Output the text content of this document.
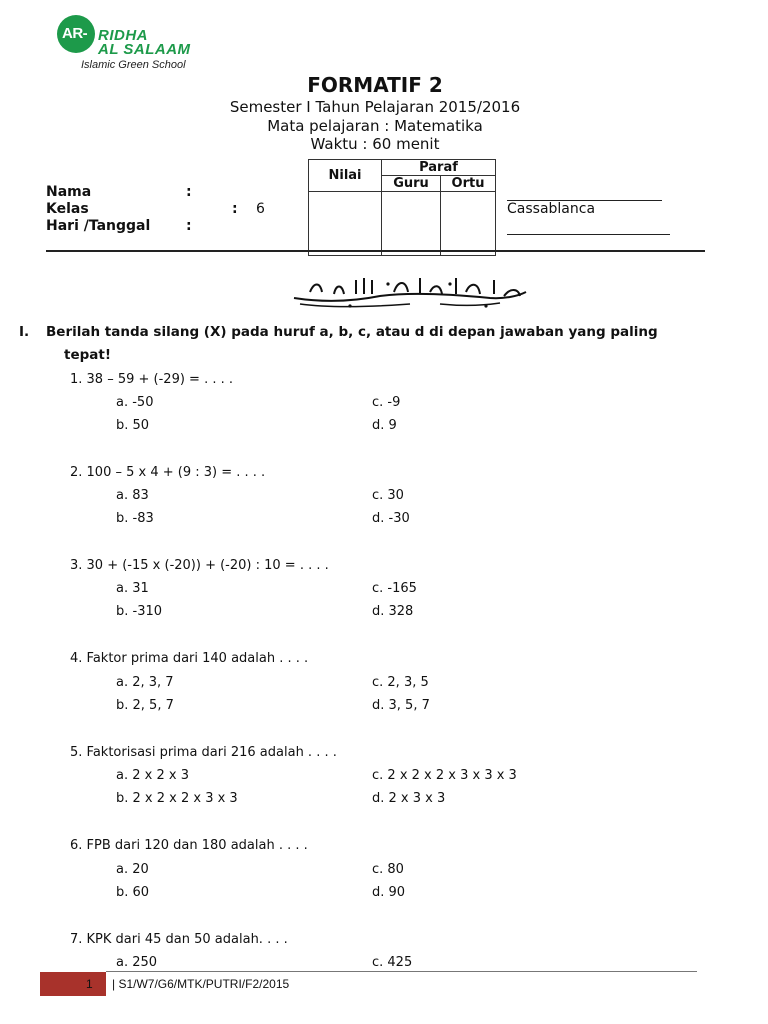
AR- RIDHA
AL SALAAM
Islamic Green School
FORMATIF 2
Semester I Tahun Pelajaran 2015/2016
Mata pelajaran : Matematika
Waktu : 60 menit
Nama	:
Kelas	: 6
Hari /Tanggal	:
Nilai	Paraf	
	Guru	Ortu

Cassablanca
I. Berilah tanda silang (X) pada huruf a, b, c, atau d di depan jawaban yang paling
tepat!
1. 38 – 59 + (-29) = . . . .
a. -50	c. -9
b. 50	d. 9
2. 100 – 5 x 4 + (9 : 3) = . . . .
a. 83	c. 30
b. -83	d. -30
3. 30 + (-15 x (-20)) + (-20) : 10 = . . . .
a. 31	c. -165
b. -310	d. 328
4. Faktor prima dari 140 adalah . . . .
a. 2, 3, 7	c. 2, 3, 5
b. 2, 5, 7	d. 3, 5, 7
5. Faktorisasi prima dari 216 adalah . . . .
a. 2 x 2 x 3	c. 2 x 2 x 2 x 3 x 3 x 3
b. 2 x 2 x 2 x 3 x 3	d. 2 x 3 x 3
6. FPB dari 120 dan 180 adalah . . . .
a. 20	c. 80
b. 60	d. 90
7. KPK dari 45 dan 50 adalah. . . .
a. 250	c. 425
1 | S1/W7/G6/MTK/PUTRI/F2/2015
